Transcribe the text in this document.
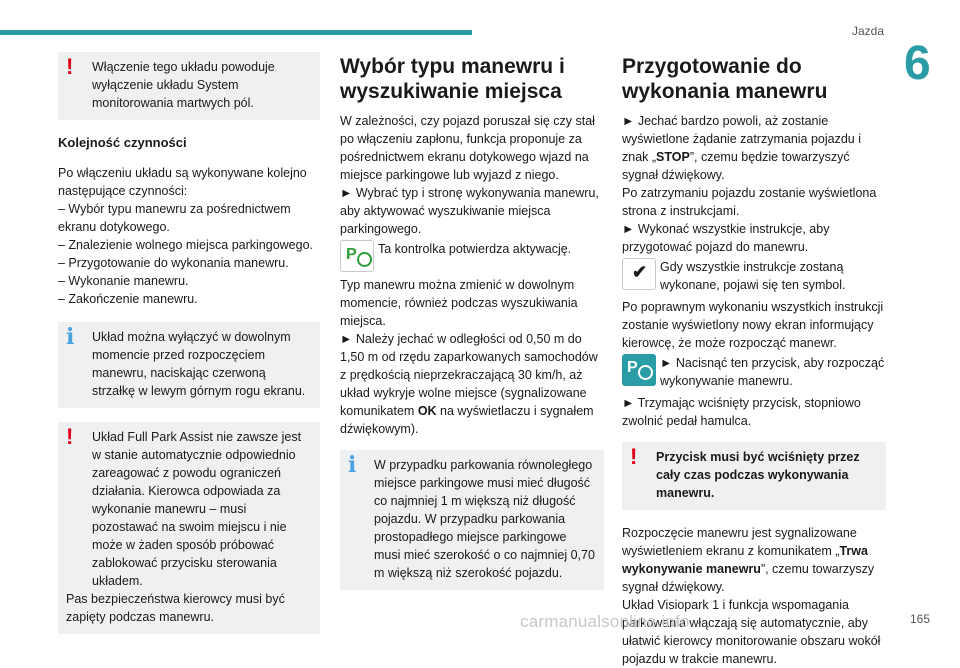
Jazda
6
!	Włączenie tego układu powoduje wyłączenie układu System monitorowania martwych pól.

Kolejność czynności

Po włączeniu układu są wykonywane kolejno następujące czynności:

– Wybór typu manewru za pośrednictwem ekranu dotykowego.

– Znalezienie wolnego miejsca parkingowego.

– Przygotowanie do wykonania manewru.

– Wykonanie manewru.

– Zakończenie manewru.

i	Układ można wyłączyć w dowolnym momencie przed rozpoczęciem manewru, naciskając czerwoną strzałkę w lewym górnym rogu ekranu.

!	Układ Full Park Assist nie zawsze jest w stanie automatycznie odpowiednio zareagować z powodu ograniczeń działania. Kierowca odpowiada za wykonanie manewru – musi pozostawać na swoim miejscu i nie może w żaden sposób próbować zablokować przycisku sterowania układem.

Pas bezpieczeństwa kierowcy musi być zapięty podczas manewru.

Wybór typu manewru i wyszukiwanie miejsca

W zależności, czy pojazd poruszał się czy stał po włączeniu zapłonu, funkcja proponuje za pośrednictwem ekranu dotykowego wjazd na miejsce parkingowe lub wyjazd z niego.

► Wybrać typ i stronę wykonywania manewru, aby aktywować wyszukiwanie miejsca parkingowego.

P Ta kontrolka potwierdza aktywację.

Typ manewru można zmienić w dowolnym momencie, również podczas wyszukiwania miejsca.

► Należy jechać w odległości od 0,50 m do 1,50 m od rzędu zaparkowanych samochodów z prędkością nieprzekraczającą 30 km/h, aż układ wykryje wolne miejsce (sygnalizowane komunikatem OK na wyświetlaczu i sygnałem dźwiękowym).

i	W przypadku parkowania równoległego miejsce parkingowe musi mieć długość co najmniej 1 m większą niż długość pojazdu. W przypadku parkowania prostopadłego miejsce parkingowe musi mieć szerokość o co najmniej 0,70 m większą niż szerokość pojazdu.

Przygotowanie do wykonania manewru

► Jechać bardzo powoli, aż zostanie wyświetlone żądanie zatrzymania pojazdu i znak „STOP”, czemu będzie towarzyszyć sygnał dźwiękowy.

Po zatrzymaniu pojazdu zostanie wyświetlona strona z instrukcjami.

► Wykonać wszystkie instrukcje, aby przygotować pojazd do manewru.

✔ Gdy wszystkie instrukcje zostaną wykonane, pojawi się ten symbol.

Po poprawnym wykonaniu wszystkich instrukcji zostanie wyświetlony nowy ekran informujący kierowcę, że może rozpocząć manewr.

P ► Nacisnąć ten przycisk, aby rozpocząć wykonywanie manewru.

► Trzymając wciśnięty przycisk, stopniowo zwolnić pedał hamulca.

!	Przycisk musi być wciśnięty przez cały czas podczas wykonywania manewru.

Rozpoczęcie manewru jest sygnalizowane wyświetleniem ekranu z komunikatem „Trwa wykonywanie manewru”, czemu towarzyszy sygnał dźwiękowy.

Układ Visiopark 1 i funkcja wspomagania parkowania włączają się automatycznie, aby ułatwić kierowcy monitorowanie obszaru wokół pojazdu w trakcie manewru.

carmanualsonline.info	165
